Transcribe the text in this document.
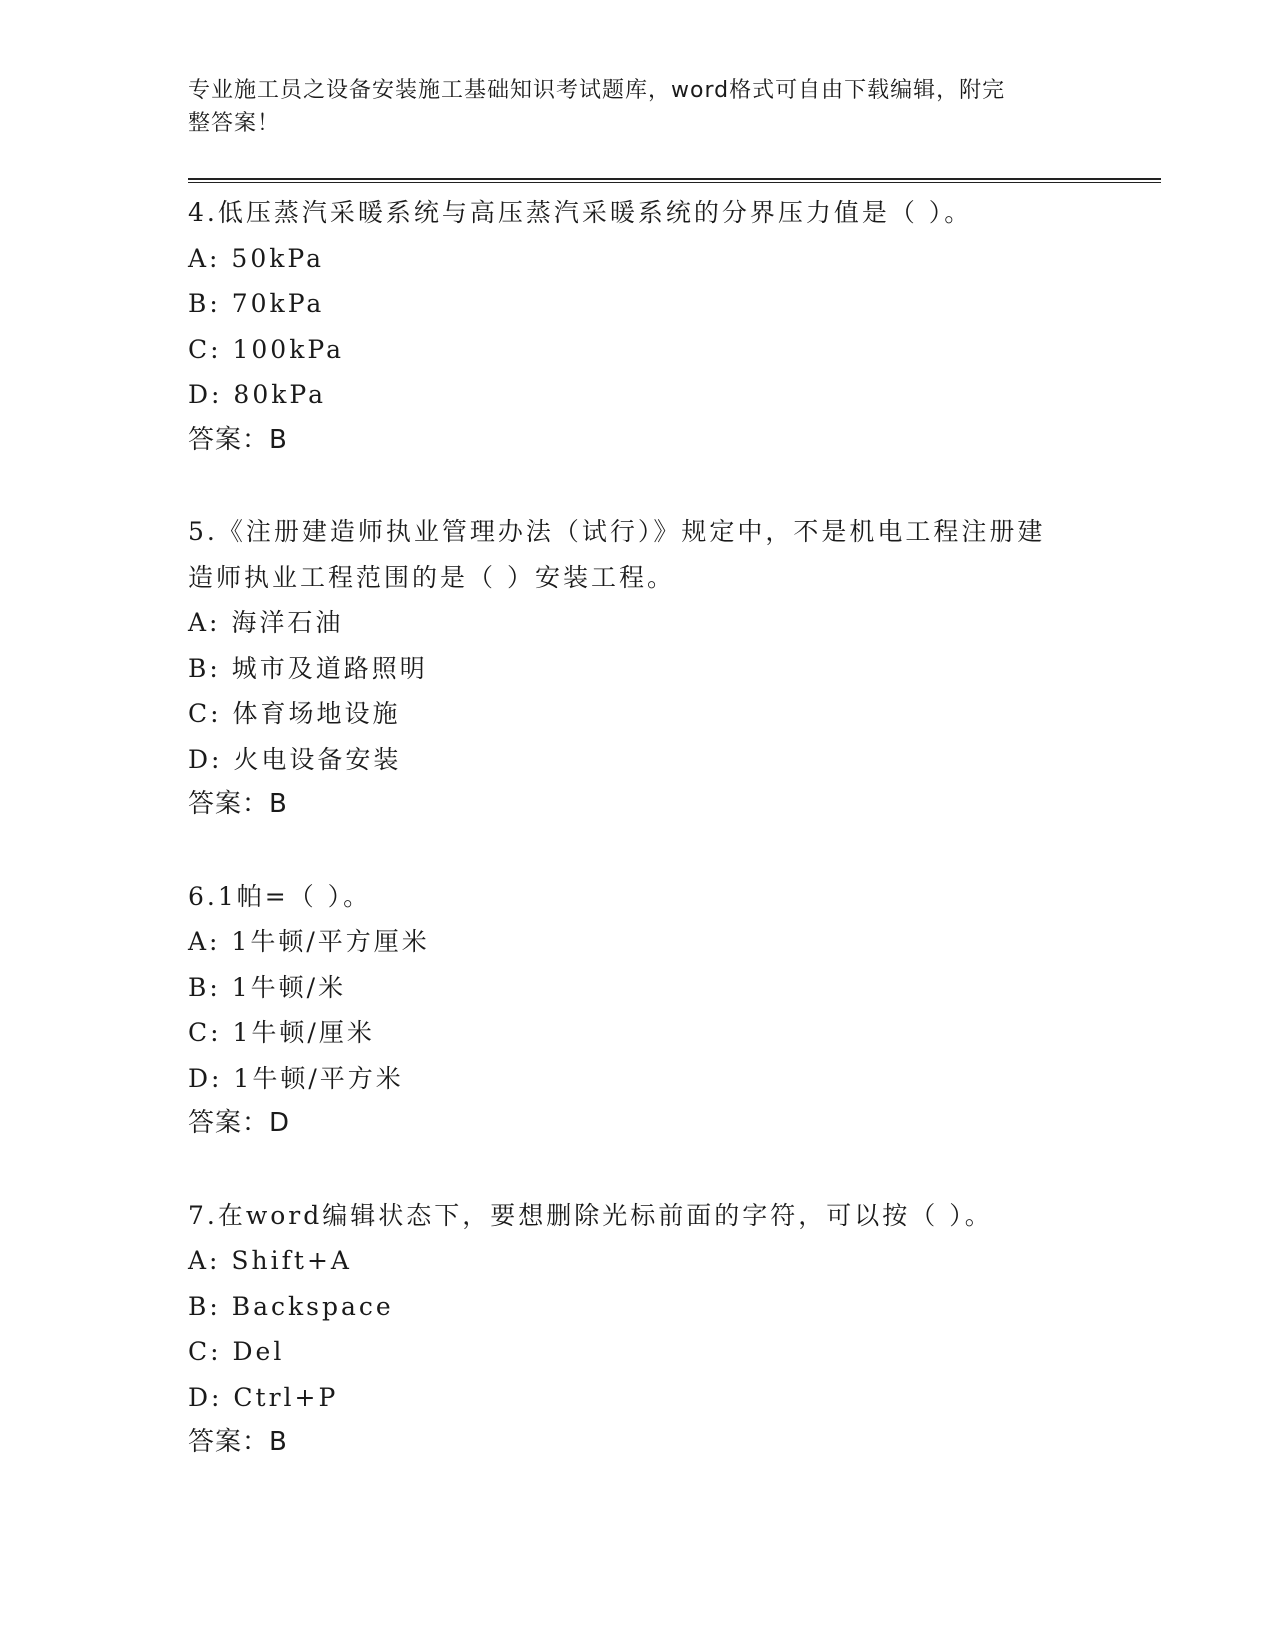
专业施工员之设备安装施工基础知识考试题库，word格式可自由下载编辑，附完
整答案！
4.低压蒸汽采暖系统与高压蒸汽采暖系统的分界压力值是（ ）。
A: 50kPa
B: 70kPa
C: 100kPa
D: 80kPa
答案：B
5.《注册建造师执业管理办法（试行）》规定中，不是机电工程注册建造师执业工程范围的是（ ）安装工程。
A: 海洋石油
B: 城市及道路照明
C: 体育场地设施
D: 火电设备安装
答案：B
6.1帕=（ ）。
A: 1牛顿/平方厘米
B: 1牛顿/米
C: 1牛顿/厘米
D: 1牛顿/平方米
答案：D
7.在word编辑状态下，要想删除光标前面的字符，可以按（ ）。
A: Shift+A
B: Backspace
C: Del
D: Ctrl+P
答案：B
